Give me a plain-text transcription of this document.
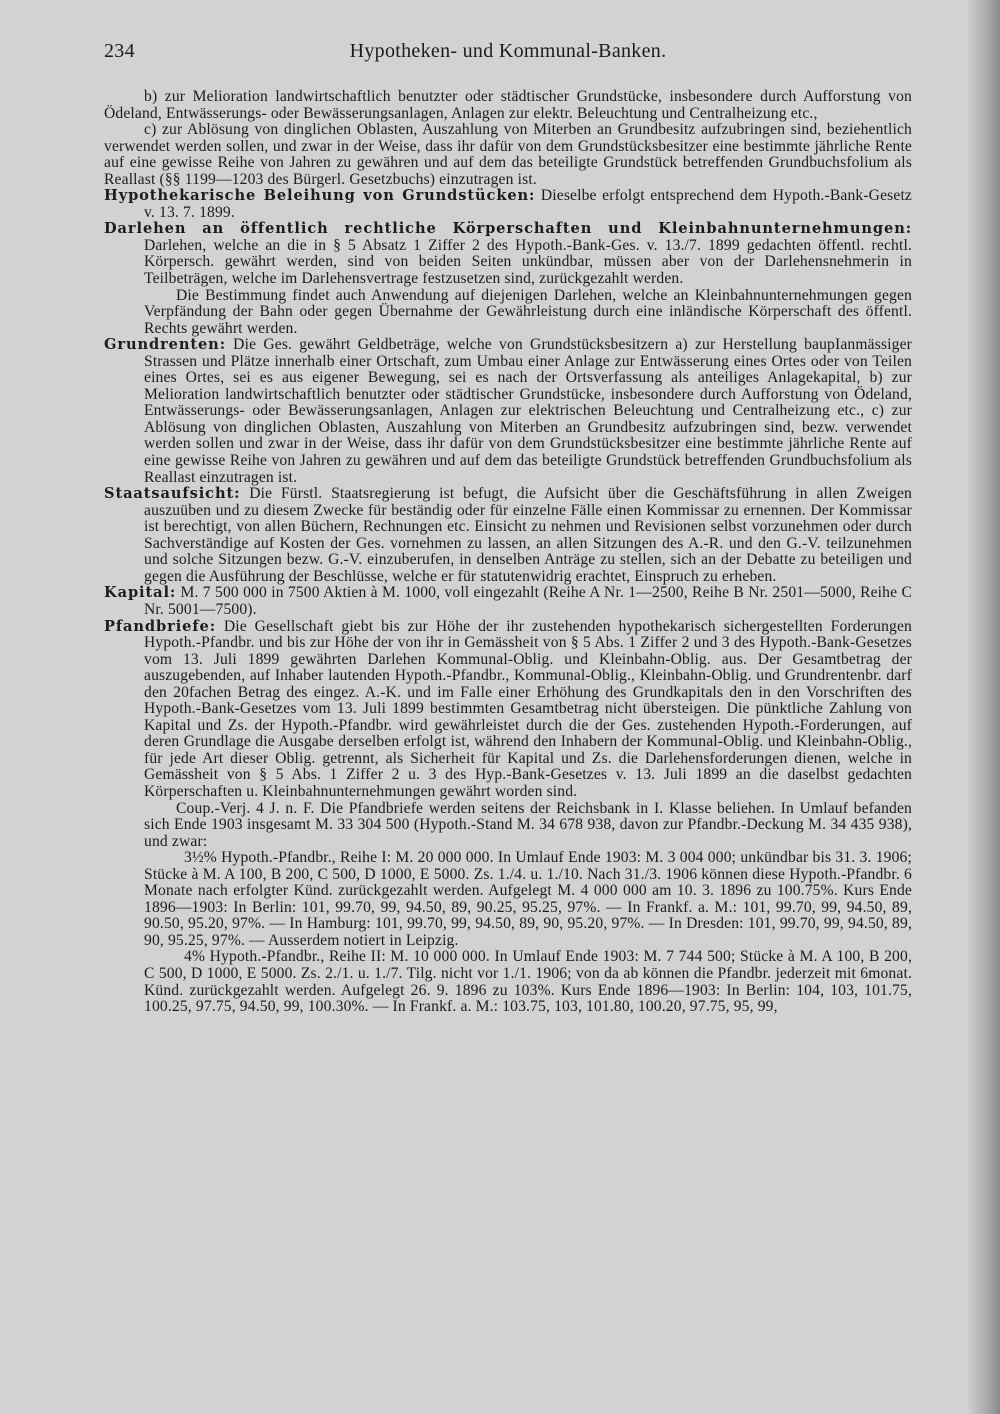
234	Hypotheken- und Kommunal-Banken.

b) zur Melioration landwirtschaftlich benutzter oder städtischer Grundstücke, insbesondere durch Aufforstung von Ödeland, Entwässerungs- oder Bewässerungsanlagen, Anlagen zur elektr. Beleuchtung und Centralheizung etc.,

c) zur Ablösung von dinglichen Oblasten, Auszahlung von Miterben an Grundbesitz aufzubringen sind, beziehentlich verwendet werden sollen, und zwar in der Weise, dass ihr dafür von dem Grundstücksbesitzer eine bestimmte jährliche Rente auf eine gewisse Reihe von Jahren zu gewähren und auf dem das beteiligte Grundstück betreffenden Grundbuchsfolium als Reallast (§§ 1199—1203 des Bürgerl. Gesetzbuchs) einzutragen ist.

Hypothekarische Beleihung von Grundstücken: Dieselbe erfolgt entsprechend dem Hypoth.-Bank-Gesetz v. 13. 7. 1899.

Darlehen an öffentlich rechtliche Körperschaften und Kleinbahnunternehmungen: Darlehen, welche an die in § 5 Absatz 1 Ziffer 2 des Hypoth.-Bank-Ges. v. 13./7. 1899 gedachten öffentl. rechtl. Körpersch. gewährt werden, sind von beiden Seiten unkündbar, müssen aber von der Darlehensnehmerin in Teilbeträgen, welche im Darlehensvertrage festzusetzen sind, zurückgezahlt werden.

Die Bestimmung findet auch Anwendung auf diejenigen Darlehen, welche an Kleinbahnunternehmungen gegen Verpfändung der Bahn oder gegen Übernahme der Gewährleistung durch eine inländische Körperschaft des öffentl. Rechts gewährt werden.

Grundrenten: Die Ges. gewährt Geldbeträge, welche von Grundstücksbesitzern a) zur Herstellung baupIanmässiger Strassen und Plätze innerhalb einer Ortschaft, zum Umbau einer Anlage zur Entwässerung eines Ortes oder von Teilen eines Ortes, sei es aus eigener Bewegung, sei es nach der Ortsverfassung als anteiliges Anlagekapital, b) zur Melioration landwirtschaftlich benutzter oder städtischer Grundstücke, insbesondere durch Aufforstung von Ödeland, Entwässerungs- oder Bewässerungsanlagen, Anlagen zur elektrischen Beleuchtung und Centralheizung etc., c) zur Ablösung von dinglichen Oblasten, Auszahlung von Miterben an Grundbesitz aufzubringen sind, bezw. verwendet werden sollen und zwar in der Weise, dass ihr dafür von dem Grundstücksbesitzer eine bestimmte jährliche Rente auf eine gewisse Reihe von Jahren zu gewähren und auf dem das beteiligte Grundstück betreffenden Grundbuchsfolium als Reallast einzutragen ist.

Staatsaufsicht: Die Fürstl. Staatsregierung ist befugt, die Aufsicht über die Geschäftsführung in allen Zweigen auszuüben und zu diesem Zwecke für beständig oder für einzelne Fälle einen Kommissar zu ernennen. Der Kommissar ist berechtigt, von allen Büchern, Rechnungen etc. Einsicht zu nehmen und Revisionen selbst vorzunehmen oder durch Sachverständige auf Kosten der Ges. vornehmen zu lassen, an allen Sitzungen des A.-R. und den G.-V. teilzunehmen und solche Sitzungen bezw. G.-V. einzuberufen, in denselben Anträge zu stellen, sich an der Debatte zu beteiligen und gegen die Ausführung der Beschlüsse, welche er für statutenwidrig erachtet, Einspruch zu erheben.

Kapital: M. 7 500 000 in 7500 Aktien à M. 1000, voll eingezahlt (Reihe A Nr. 1—2500, Reihe B Nr. 2501—5000, Reihe C Nr. 5001—7500).

Pfandbriefe: Die Gesellschaft giebt bis zur Höhe der ihr zustehenden hypothekarisch sichergestellten Forderungen Hypoth.-Pfandbr. und bis zur Höhe der von ihr in Gemässheit von § 5 Abs. 1 Ziffer 2 und 3 des Hypoth.-Bank-Gesetzes vom 13. Juli 1899 gewährten Darlehen Kommunal-Oblig. und Kleinbahn-Oblig. aus. Der Gesamtbetrag der auszugebenden, auf Inhaber lautenden Hypoth.-Pfandbr., Kommunal-Oblig., Kleinbahn-Oblig. und Grundrentenbr. darf den 20fachen Betrag des eingez. A.-K. und im Falle einer Erhöhung des Grundkapitals den in den Vorschriften des Hypoth.-Bank-Gesetzes vom 13. Juli 1899 bestimmten Gesamtbetrag nicht übersteigen. Die pünktliche Zahlung von Kapital und Zs. der Hypoth.-Pfandbr. wird gewährleistet durch die der Ges. zustehenden Hypoth.-Forderungen, auf deren Grundlage die Ausgabe derselben erfolgt ist, während den Inhabern der Kommunal-Oblig. und Kleinbahn-Oblig., für jede Art dieser Oblig. getrennt, als Sicherheit für Kapital und Zs. die Darlehensforderungen dienen, welche in Gemässheit von § 5 Abs. 1 Ziffer 2 u. 3 des Hyp.-Bank-Gesetzes v. 13. Juli 1899 an die daselbst gedachten Körperschaften u. Kleinbahnunternehmungen gewährt worden sind.

Coup.-Verj. 4 J. n. F. Die Pfandbriefe werden seitens der Reichsbank in I. Klasse beliehen. In Umlauf befanden sich Ende 1903 insgesamt M. 33 304 500 (Hypoth.-Stand M. 34 678 938, davon zur Pfandbr.-Deckung M. 34 435 938), und zwar:

3½% Hypoth.-Pfandbr., Reihe I: M. 20 000 000. In Umlauf Ende 1903: M. 3 004 000; unkündbar bis 31. 3. 1906; Stücke à M. A 100, B 200, C 500, D 1000, E 5000. Zs. 1./4. u. 1./10. Nach 31./3. 1906 können diese Hypoth.-Pfandbr. 6 Monate nach erfolgter Künd. zurückgezahlt werden. Aufgelegt M. 4 000 000 am 10. 3. 1896 zu 100.75%. Kurs Ende 1896—1903: In Berlin: 101, 99.70, 99, 94.50, 89, 90.25, 95.25, 97%. — In Frankf. a. M.: 101, 99.70, 99, 94.50, 89, 90.50, 95.20, 97%. — In Hamburg: 101, 99.70, 99, 94.50, 89, 90, 95.20, 97%. — In Dresden: 101, 99.70, 99, 94.50, 89, 90, 95.25, 97%. — Ausserdem notiert in Leipzig.

4% Hypoth.-Pfandbr., Reihe II: M. 10 000 000. In Umlauf Ende 1903: M. 7 744 500; Stücke à M. A 100, B 200, C 500, D 1000, E 5000. Zs. 2./1. u. 1./7. Tilg. nicht vor 1./1. 1906; von da ab können die Pfandbr. jederzeit mit 6monat. Künd. zurückgezahlt werden. Aufgelegt 26. 9. 1896 zu 103%. Kurs Ende 1896—1903: In Berlin: 104, 103, 101.75, 100.25, 97.75, 94.50, 99, 100.30%. — In Frankf. a. M.: 103.75, 103, 101.80, 100.20, 97.75, 95, 99,
